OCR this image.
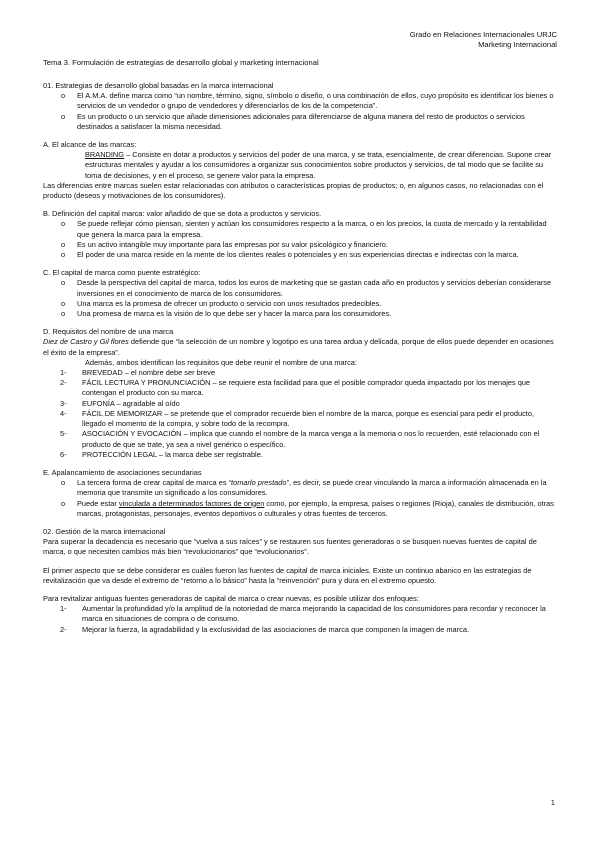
Grado en Relaciones Internacionales URJC
Marketing Internacional
Tema 3. Formulación de estrategias de desarrollo global y marketing internacional
01. Estrategias de desarrollo global basadas en la marca internacional
o	El A.M.A. define marca como “un nombre, término, signo, símbolo o diseño, o una combinación de ellos, cuyo propósito es identificar los bienes o servicios de un vendedor o grupo de vendedores y diferenciarlos de los de la competencia”.
o	Es un producto o un servicio que añade dimensiones adicionales para diferenciarse de alguna manera del resto de productos o servicios destinados a satisfacer la misma necesidad.
A. El alcance de las marcas:
BRANDING – Consiste en dotar a productos y servicios del poder de una marca, y se trata, esencialmente, de crear diferencias. Supone crear estructuras mentales y ayudar a los consumidores a organizar sus conocimientos sobre productos y servicios, de tal modo que se facilite su toma de decisiones, y en el proceso, se genere valor para la empresa.
Las diferencias entre marcas suelen estar relacionadas con atributos o características propias de productos; o, en algunos casos, no relacionadas con el producto (deseos y motivaciones de los consumidores).
B. Definición del capital marca: valor añadido de que se dota a productos y servicios.
o	Se puede reflejar cómo piensan, sienten y actúan los consumidores respecto a la marca, o en los precios, la cuota de mercado y la rentabilidad que genera la marca para la empresa.
o	Es un activo intangible muy importante para las empresas por su valor psicológico y financiero.
o	El poder de una marca reside en la mente de los clientes reales o potenciales y en sus experiencias directas e indirectas con la marca.
C. El capital de marca como puente estratégico:
o	Desde la perspectiva del capital de marca, todos los euros de marketing que se gastan cada año en productos y servicios deberían considerarse inversiones en el conocimiento de marca de los consumidores.
o	Una marca es la promesa de ofrecer un producto o servicio con unos resultados predecibles.
o	Una promesa de marca es la visión de lo que debe ser y hacer la marca para los consumidores.
D. Requisitos del nombre de una marca
Diez de Castro y Gil flores defiende que “la selección de un nombre y logotipo es una tarea ardua y delicada, porque de ellos puede depender en ocasiones el éxito de la empresa”.
Además, ambos identifican los requisitos que debe reunir el nombre de una marca:
1-	BREVEDAD – el nombre debe ser breve
2-	FÁCIL LECTURA Y PRONUNCIACIÓN – se requiere esta facilidad para que el posible comprador queda impactado por los menajes que contengan el producto con su marca.
3-	EUFONÍA – agradable al oído
4-	FÁCIL DE MEMORIZAR – se pretende que el comprador recuerde bien el nombre de la marca, porque es esencial para pedir el producto, llegado el momento de la compra, y sobre todo de la recompra.
5-	ASOCIACIÓN Y EVOCACIÓN – implica que cuando el nombre de la marca venga a la memoria o nos lo recuerden, esté relacionado con el producto de que se trate, ya sea a nivel genérico o específico.
6-	PROTECCIÓN LEGAL – la marca debe ser registrable.
E. Apalancamiento de asociaciones secundarias
o	La tercera forma de crear capital de marca es “tomarlo prestado”, es decir, se puede crear vinculando la marca a información almacenada en la memoria que transmite un significado a los consumidores.
o	Puede estar vinculada a determinados factores de origen como, por ejemplo, la empresa, países o regiones (Rioja), canales de distribución, otras marcas, protagonistas, personajes, eventos deportivos o culturales y otras fuentes de terceros.
02. Gestión de la marca internacional
Para superar la decadencia es necesario que “vuelva a sus raíces” y se restauren sus fuentes generadoras o se busquen nuevas fuentes de capital de marca, o que necesiten cambios más bien “revolucionarios” que “evolucionarios”.
El primer aspecto que se debe considerar es cuáles fueron las fuentes de capital de marca iniciales. Existe un continuo abanico en las estrategias de revitalización que va desde el extremo de “retorno a lo básico” hasta la “reinvención” pura y dura en el extremo opuesto.
Para revitalizar antiguas fuentes generadoras de capital de marca o crear nuevas, es posible utilizar dos enfoques:
1-	Aumentar la profundidad y/o la amplitud de la notoriedad de marca mejorando la capacidad de los consumidores para recordar y reconocer la marca en situaciones de compra o de consumo.
2-	Mejorar la fuerza, la agradabilidad y la exclusividad de las asociaciones de marca que componen la imagen de marca.
1
